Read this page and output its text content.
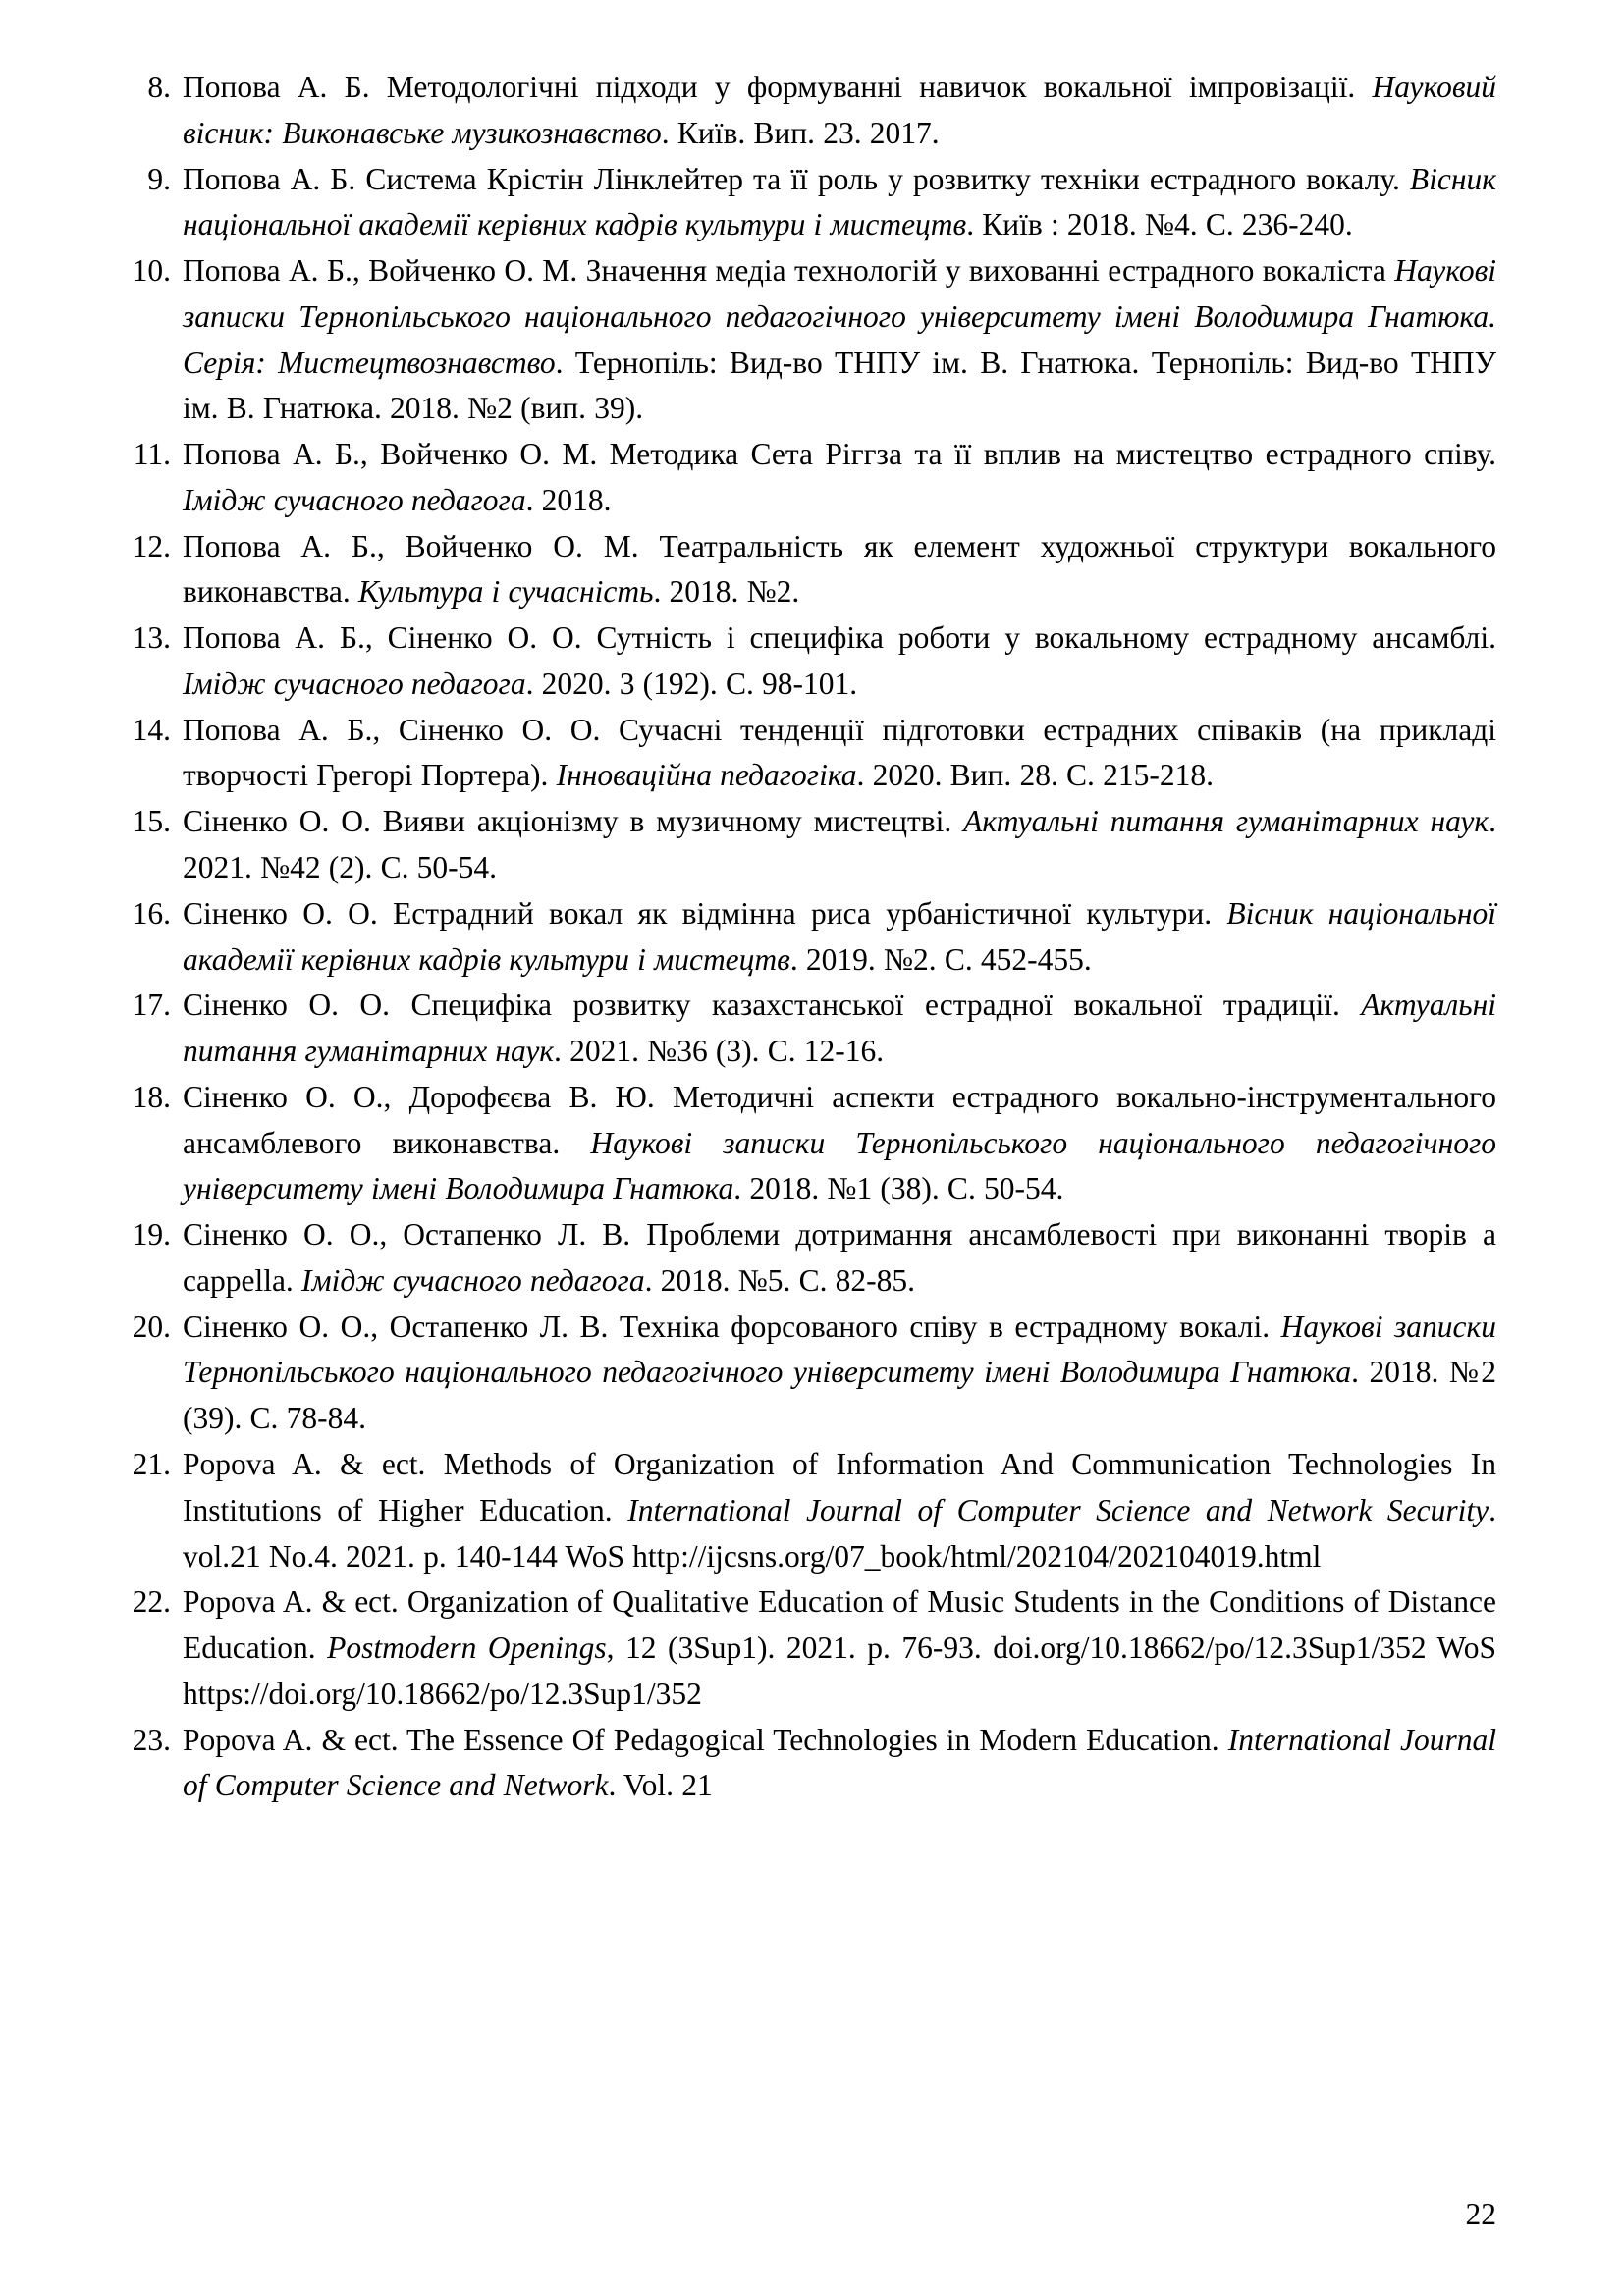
8. Попова А. Б. Методологічні підходи у формуванні навичок вокальної імпровізації. Науковий вісник: Виконавське музикознавство. Київ. Вип. 23. 2017.
9. Попова А. Б. Система Крістін Лінклейтер та її роль у розвитку техніки естрадного вокалу. Вісник національної академії керівних кадрів культури і мистецтв. Київ : 2018. №4. С. 236-240.
10. Попова А. Б., Войченко О. М. Значення медіа технологій у вихованні естрадного вокаліста Наукові записки Тернопільського національного педагогічного університету імені Володимира Гнатюка. Серія: Мистецтвознавство. Тернопіль: Вид-во ТНПУ ім. В. Гнатюка. Тернопіль: Вид-во ТНПУ ім. В. Гнатюка. 2018. №2 (вип. 39).
11. Попова А. Б., Войченко О. М. Методика Сета Ріггза та її вплив на мистецтво естрадного співу. Імідж сучасного педагога. 2018.
12. Попова А. Б., Войченко О. М. Театральність як елемент художньої структури вокального виконавства. Культура і сучасність. 2018. №2.
13. Попова А. Б., Сіненко О. О. Сутність і специфіка роботи у вокальному естрадному ансамблі. Імідж сучасного педагога. 2020. 3 (192). С. 98-101.
14. Попова А. Б., Сіненко О. О. Сучасні тенденції підготовки естрадних співаків (на прикладі творчості Грегорі Портера). Інноваційна педагогіка. 2020. Вип. 28. С. 215-218.
15. Сіненко О. О. Вияви акціонізму в музичному мистецтві. Актуальні питання гуманітарних наук. 2021. №42 (2). С. 50-54.
16. Сіненко О. О. Естрадний вокал як відмінна риса урбаністичної культури. Вісник національної академії керівних кадрів культури і мистецтв. 2019. №2. С. 452-455.
17. Сіненко О. О. Специфіка розвитку казахстанської естрадної вокальної традиції. Актуальні питання гуманітарних наук. 2021. №36 (3). С. 12-16.
18. Сіненко О. О., Дорофєєва В. Ю. Методичні аспекти естрадного вокально-інструментального ансамблевого виконавства. Наукові записки Тернопільського національного педагогічного університету імені Володимира Гнатюка. 2018. №1 (38). С. 50-54.
19. Сіненко О. О., Остапенко Л. В. Проблеми дотримання ансамблевості при виконанні творів a cappella. Імідж сучасного педагога. 2018. №5. С. 82-85.
20. Сіненко О. О., Остапенко Л. В. Техніка форсованого співу в естрадному вокалі. Наукові записки Тернопільського національного педагогічного університету імені Володимира Гнатюка. 2018. №2 (39). С. 78-84.
21. Popova A. & ect. Methods of Organization of Information And Communication Technologies In Institutions of Higher Education. International Journal of Computer Science and Network Security. vol.21 No.4. 2021. p. 140-144 WoS http://ijcsns.org/07_book/html/202104/202104019.html
22. Popova A. & ect. Organization of Qualitative Education of Music Students in the Conditions of Distance Education. Postmodern Openings, 12 (3Sup1). 2021. p. 76-93. doi.org/10.18662/po/12.3Sup1/352 WoS https://doi.org/10.18662/po/12.3Sup1/352
23. Popova A. & ect. The Essence Of Pedagogical Technologies in Modern Education. International Journal of Computer Science and Network. Vol. 21
22
